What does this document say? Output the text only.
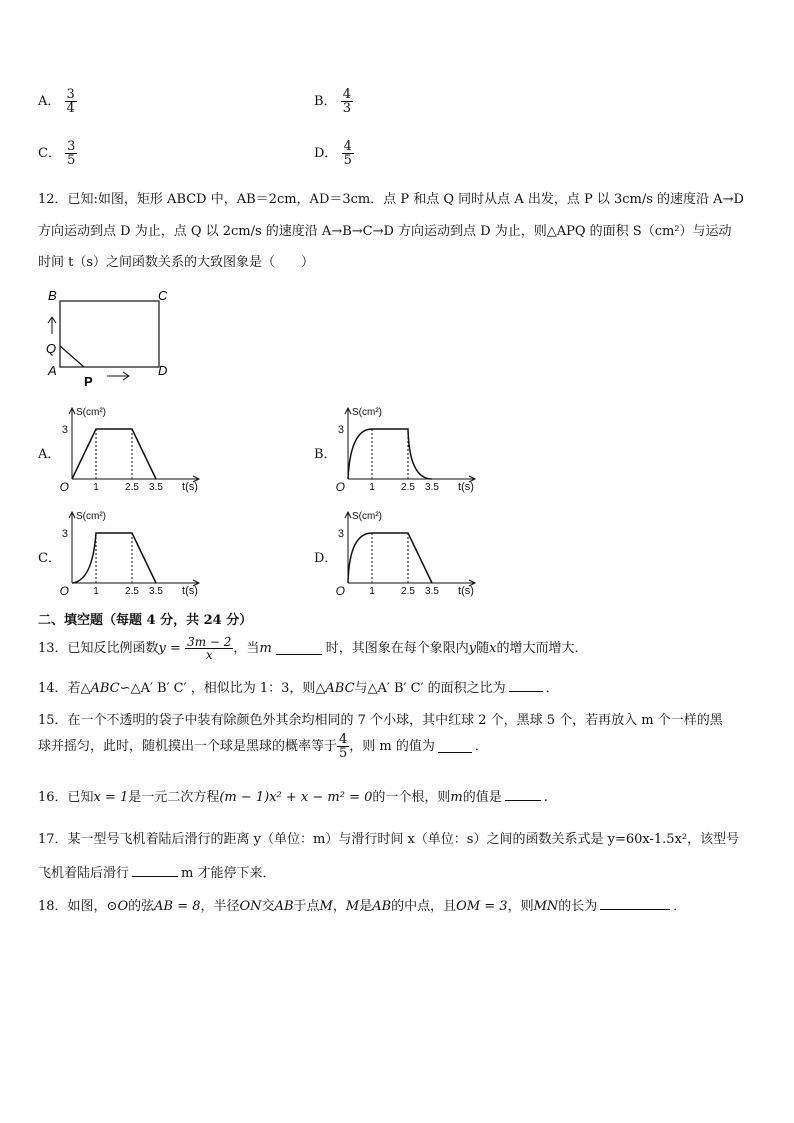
A． $\frac{3}{4}$	B． $\frac{4}{3}$
C． $\frac{3}{5}$	D． $\frac{4}{5}$
12．已知:如图，矩形 ABCD 中，AB＝2cm，AD＝3cm．点 P 和点 Q 同时从点 A 出发，点 P 以 3cm/s 的速度沿 A→D
方向运动到点 D 为止，点 Q 以 2cm/s 的速度沿 A→B→C→D 方向运动到点 D 为止，则△APQ 的面积 S（cm²）与运动
时间 t（s）之间函数关系的大致图象是（　　）
B	C
Q
A	D
P
A．	B．
C．	D．
S(cm²)
3
O 1	2.5 3.5 t(s)
S(cm²)
3
O 1	2.5 3.5 t(s)
S(cm²)
3
O 1	2.5 3.5 t(s)
S(cm²)
3
O 1	2.5 3.5 t(s)
二、填空题（每题 4 分，共 24 分）
13．已知反比例函数$y = \frac{3m - 2}{x}$ ，当m	时，其图象在每个象限内y随x的增大而增大．
14．若△ABC∽△A′ B′ C′ ，相似比为 1：3，则△ABC与△A′ B′ C′ 的面积之比为	．
15．在一个不透明的袋子中装有除颜色外其余均相同的 7 个小球，其中红球 2 个，黑球 5 个，若再放入 m 个一样的黑
球并摇匀，此时，随机摸出一个球是黑球的概率等于 $\frac{4}{5}$ ，则 m 的值为	．
16．已知x = 1是一元二次方程(m − 1)x² + x − m² = 0的一个根，则m的值是	.
17．某一型号飞机着陆后滑行的距离 y（单位：m）与滑行时间 x（单位：s）之间的函数关系式是 y=60x-1.5x²，该型号
飞机着陆后滑行	m 才能停下来．
18．如图，⊙O的弦AB = 8，半径ON交AB于点M，M是AB的中点，且OM = 3，则MN的长为	．
